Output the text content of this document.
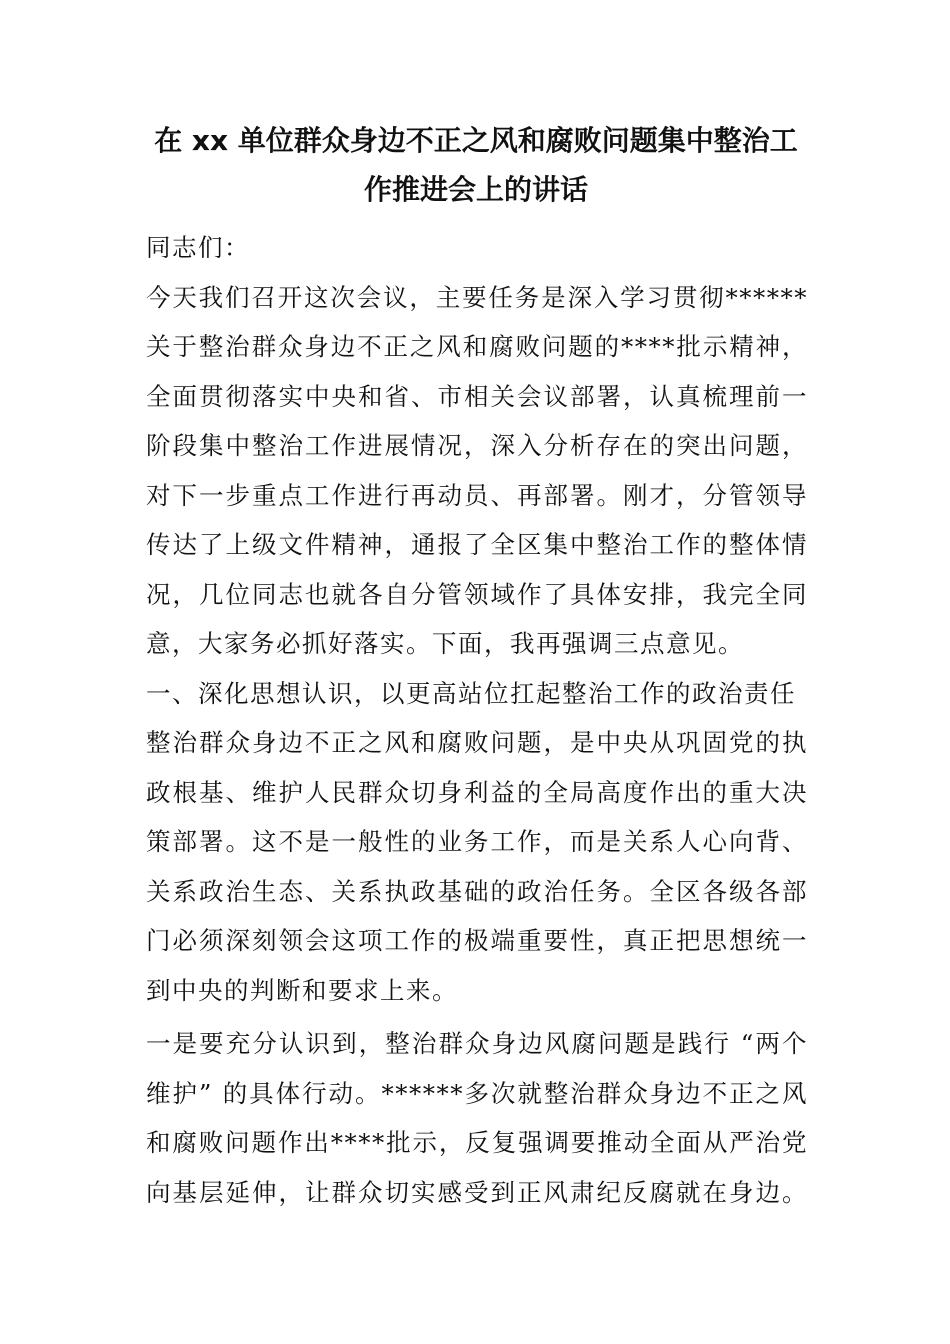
在 xx 单位群众身边不正之风和腐败问题集中整治工
作推进会上的讲话
同志们：
今天我们召开这次会议，主要任务是深入学习贯彻******
关于整治群众身边不正之风和腐败问题的****批示精神，
全面贯彻落实中央和省、市相关会议部署，认真梳理前一
阶段集中整治工作进展情况，深入分析存在的突出问题，
对下一步重点工作进行再动员、再部署。刚才，分管领导
传达了上级文件精神，通报了全区集中整治工作的整体情
况，几位同志也就各自分管领域作了具体安排，我完全同
意，大家务必抓好落实。下面，我再强调三点意见。
一、深化思想认识，以更高站位扛起整治工作的政治责任
整治群众身边不正之风和腐败问题，是中央从巩固党的执
政根基、维护人民群众切身利益的全局高度作出的重大决
策部署。这不是一般性的业务工作，而是关系人心向背、
关系政治生态、关系执政基础的政治任务。全区各级各部
门必须深刻领会这项工作的极端重要性，真正把思想统一
到中央的判断和要求上来。
一是要充分认识到，整治群众身边风腐问题是践行 “两个
维护” 的具体行动。******多次就整治群众身边不正之风
和腐败问题作出****批示，反复强调要推动全面从严治党
向基层延伸，让群众切实感受到正风肃纪反腐就在身边。
